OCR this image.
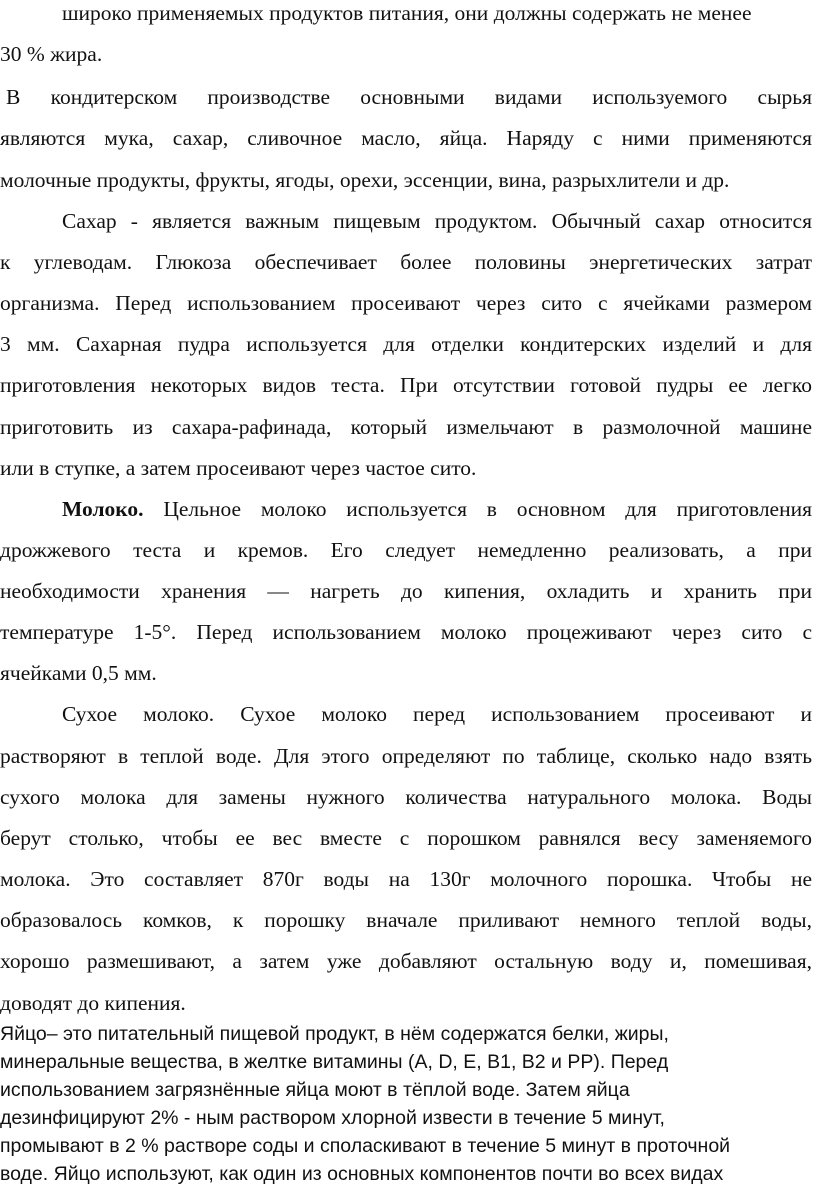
широко применяемых продуктов питания, они должны содержать не менее
30 % жира.
В кондитерском производстве основными видами используемого сырья
являются мука, сахар, сливочное масло, яйца. Наряду с ними применяются
молочные продукты, фрукты, ягоды, орехи, эссенции, вина, разрыхлители и др.
Сахар - является важным пищевым продуктом. Обычный сахар относится
к углеводам. Глюкоза обеспечивает более половины энергетических затрат
организма. Перед использованием просеивают через сито с ячейками размером
3 мм. Сахарная пудра используется для отделки кондитерских изделий и для
приготовления некоторых видов теста. При отсутствии готовой пудры ее легко
приготовить из сахара-рафинада, который измельчают в размолочной машине
или в ступке, а затем просеивают через частое сито.
Молоко. Цельное молоко используется в основном для приготовления
дрожжевого теста и кремов. Его следует немедленно реализовать, а при
необходимости хранения — нагреть до кипения, охладить и хранить при
температуре 1-5°. Перед использованием молоко процеживают через сито с
ячейками 0,5 мм.
Сухое молоко. Сухое молоко перед использованием просеивают и
растворяют в теплой воде. Для этого определяют по таблице, сколько надо взять
сухого молока для замены нужного количества натурального молока. Воды
берут столько, чтобы ее вес вместе с порошком равнялся весу заменяемого
молока. Это составляет 870г воды на 130г молочного порошка. Чтобы не
образовалось комков, к порошку вначале приливают немного теплой воды,
хорошо размешивают, а затем уже добавляют остальную воду и, помешивая,
доводят до кипения.
Яйцо– это питательный пищевой продукт, в нём содержатся белки, жиры,
минеральные вещества, в желтке витамины (A, D, E, B1, B2 и PP). Перед
использованием загрязнённые яйца моют в тёплой воде. Затем яйца
дезинфицируют 2% - ным раствором хлорной извести в течение 5 минут,
промывают в 2 % растворе соды и споласкивают в течение 5 минут в проточной
воде. Яйцо используют, как один из основных компонентов почти во всех видах
